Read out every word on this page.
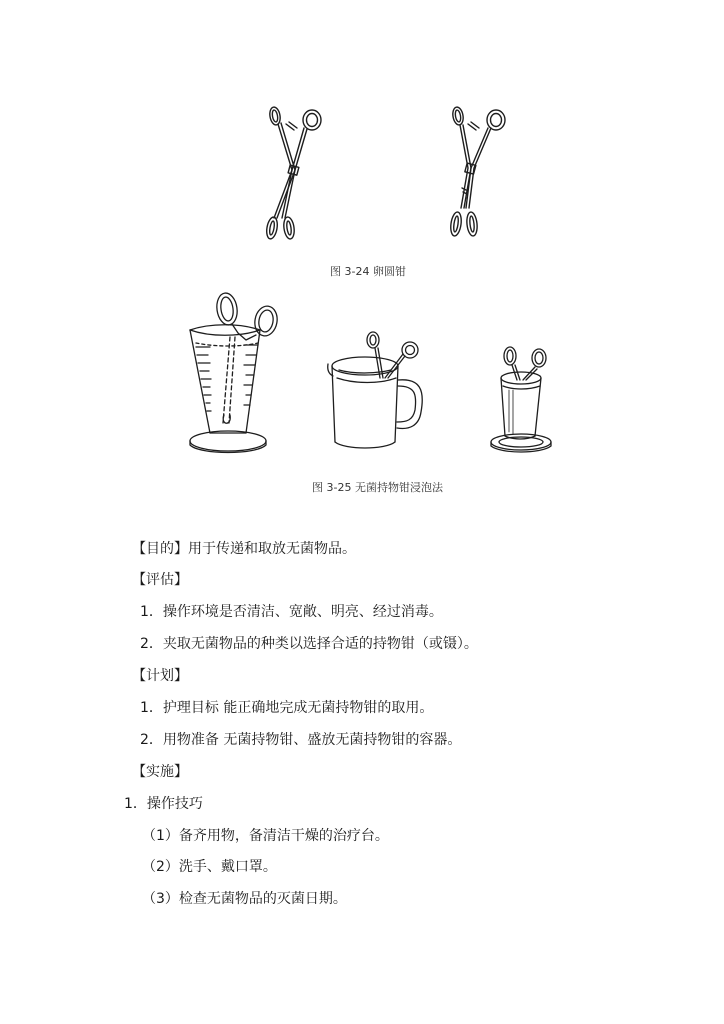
图 3-24 卵圆钳
图 3-25 无菌持物钳浸泡法
【目的】用于传递和取放无菌物品。
【评估】
1．操作环境是否清洁、宽敞、明亮、经过消毒。
2．夹取无菌物品的种类以选择合适的持物钳（或镊）。
【计划】
1．护理目标 能正确地完成无菌持物钳的取用。
2．用物准备 无菌持物钳、盛放无菌持物钳的容器。
【实施】
1．操作技巧
（1）备齐用物，备清洁干燥的治疗台。
（2）洗手、戴口罩。
（3）检查无菌物品的灭菌日期。
